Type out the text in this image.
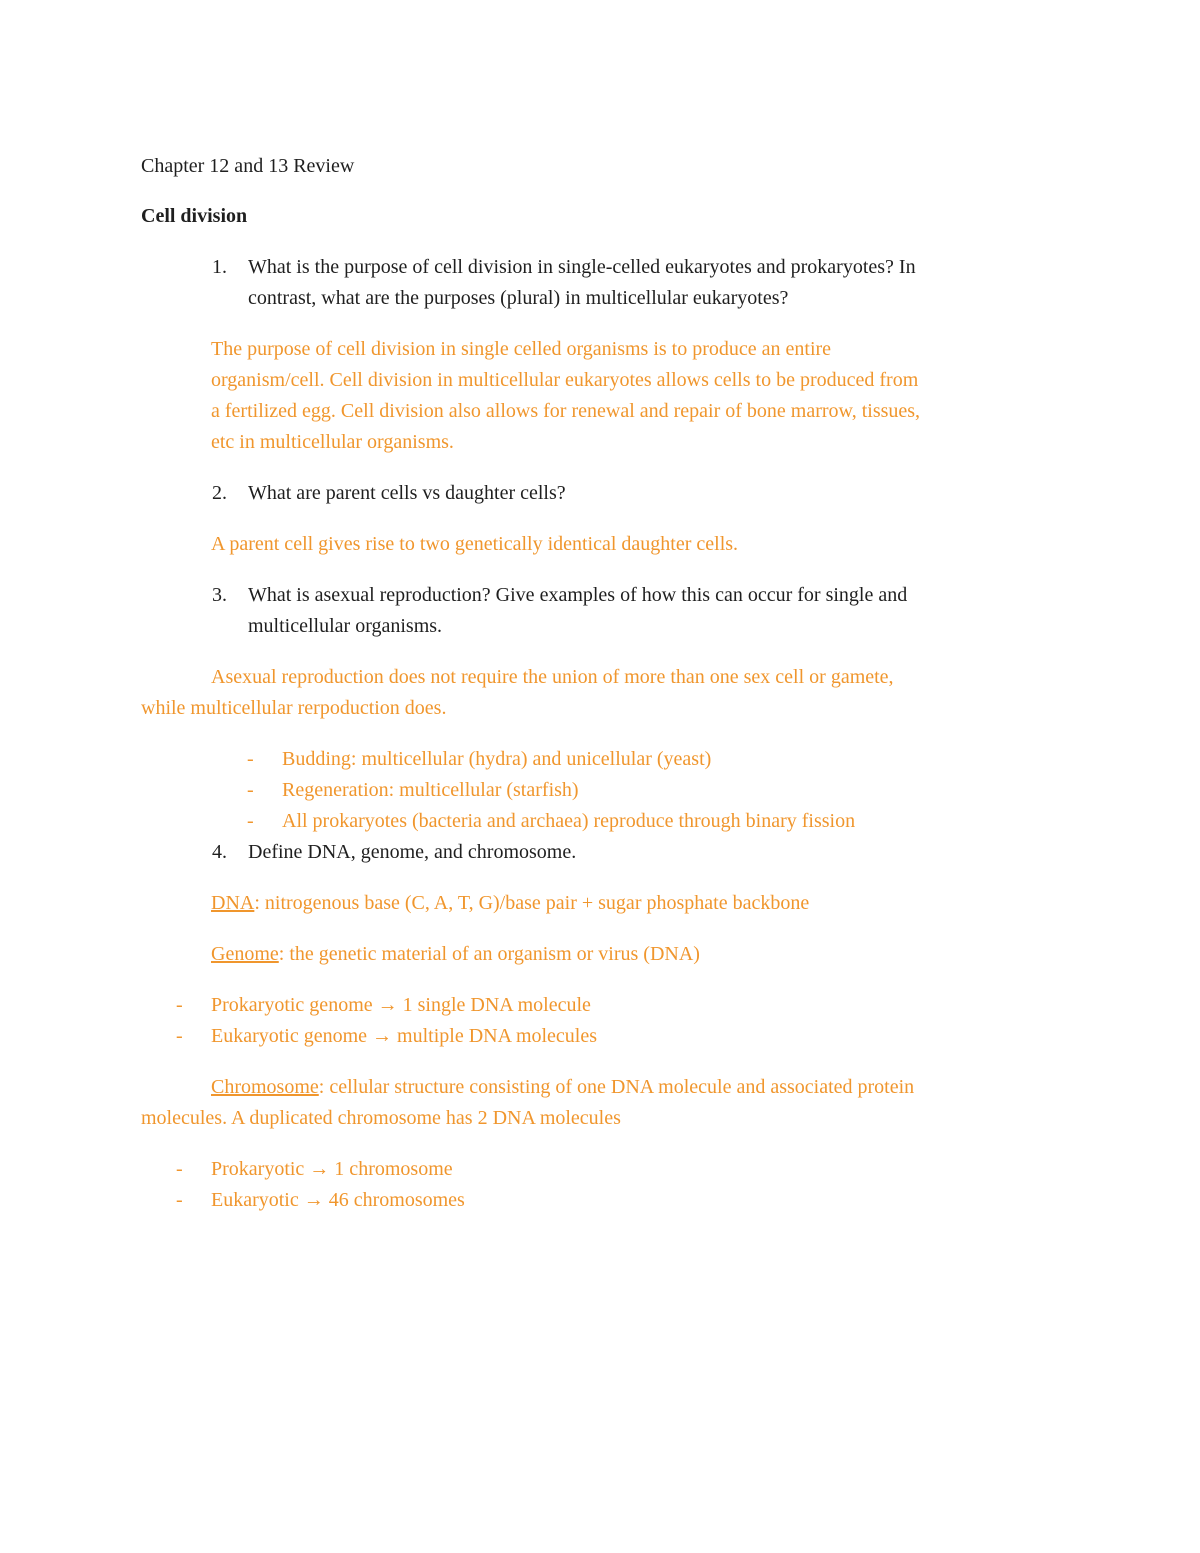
Chapter 12 and 13 Review
Cell division
1. What is the purpose of cell division in single-celled eukaryotes and prokaryotes? In
contrast, what are the purposes (plural) in multicellular eukaryotes?
The purpose of cell division in single celled organisms is to produce an entire
organism/cell. Cell division in multicellular eukaryotes allows cells to be produced from
a fertilized egg. Cell division also allows for renewal and repair of bone marrow, tissues,
etc in multicellular organisms.
2. What are parent cells vs daughter cells?
A parent cell gives rise to two genetically identical daughter cells.
3. What is asexual reproduction? Give examples of how this can occur for single and
multicellular organisms.
Asexual reproduction does not require the union of more than one sex cell or gamete,
while multicellular rerpoduction does.
- Budding: multicellular (hydra) and unicellular (yeast)
- Regeneration: multicellular (starfish)
- All prokaryotes (bacteria and archaea) reproduce through binary fission
4. Define DNA, genome, and chromosome.
DNA: nitrogenous base (C, A, T, G)/base pair + sugar phosphate backbone
Genome: the genetic material of an organism or virus (DNA)
- Prokaryotic genome → 1 single DNA molecule
- Eukaryotic genome → multiple DNA molecules
Chromosome: cellular structure consisting of one DNA molecule and associated protein
molecules. A duplicated chromosome has 2 DNA molecules
- Prokaryotic → 1 chromosome
- Eukaryotic → 46 chromosomes
